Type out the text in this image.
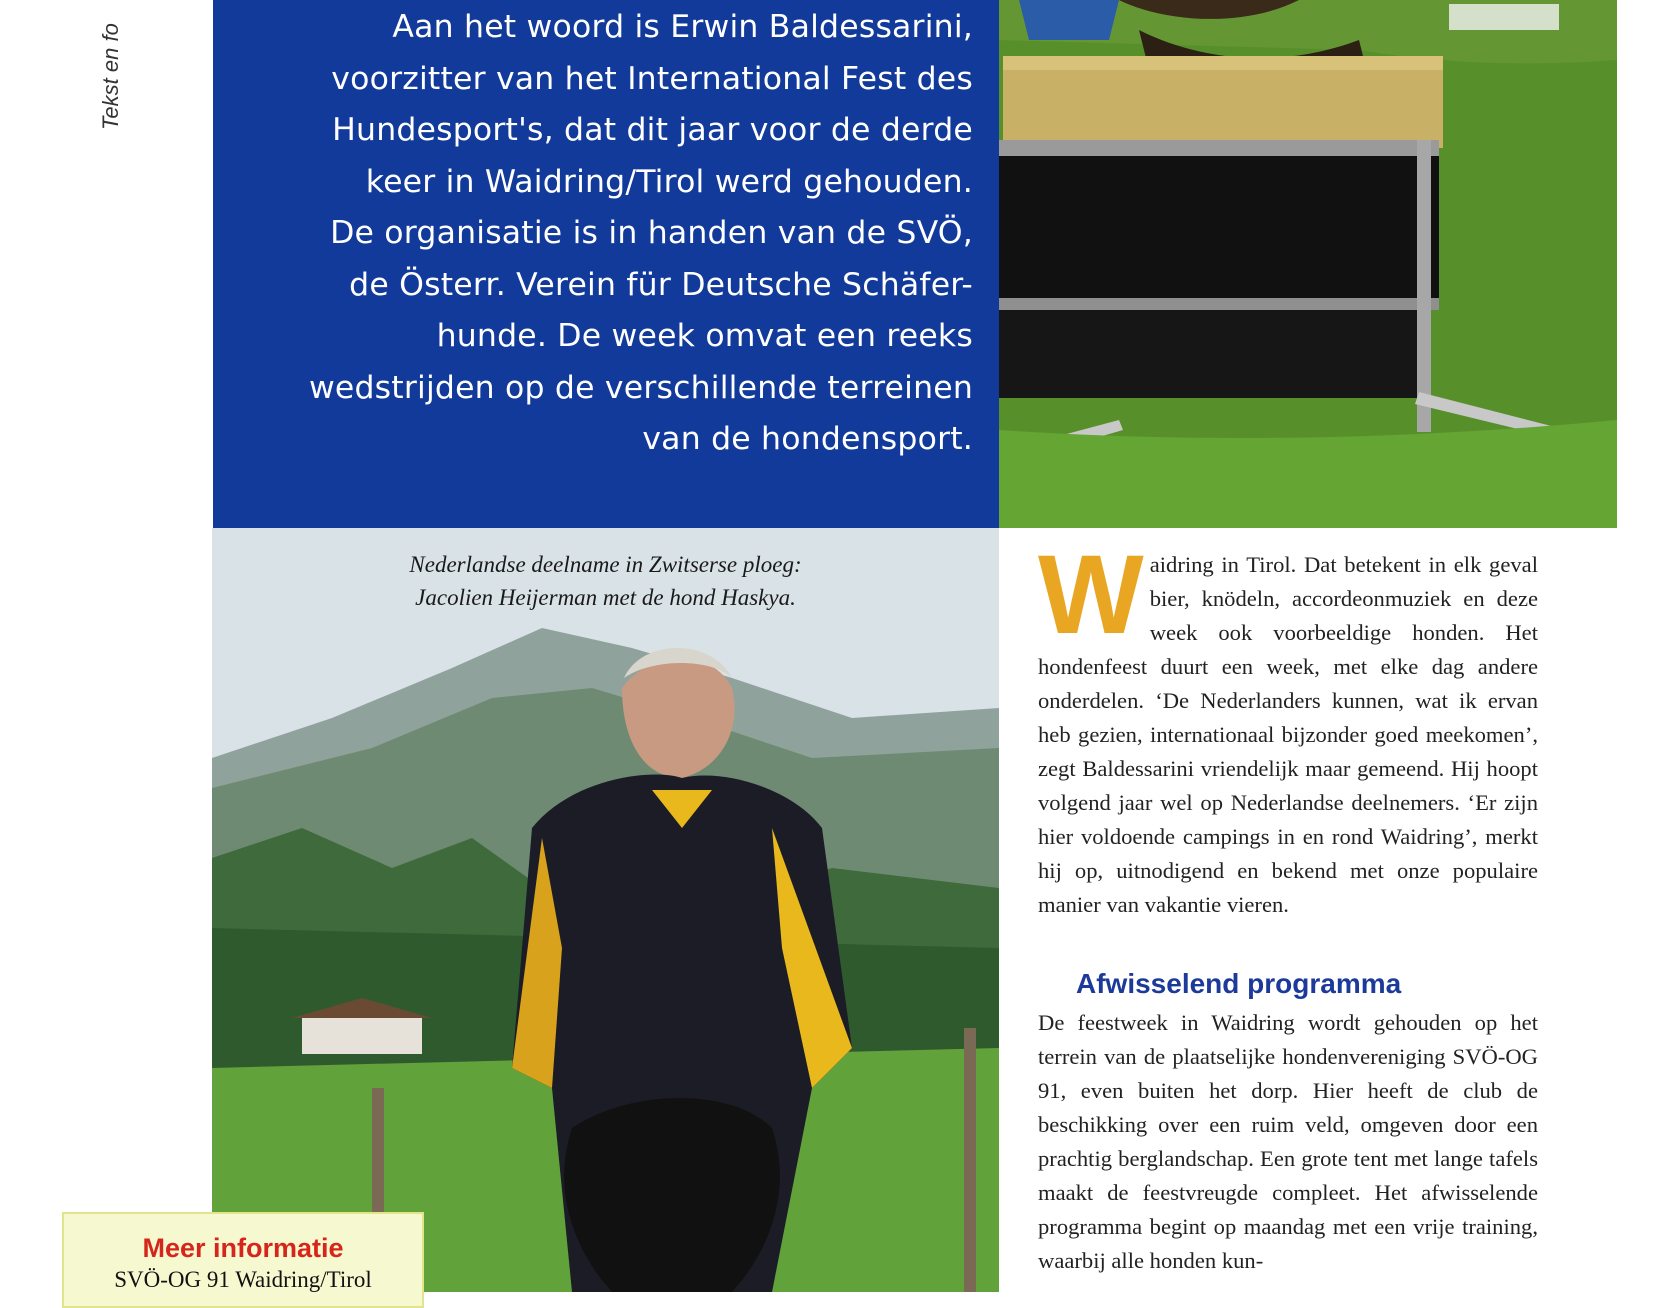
Tekst en fo	Aan het woord is Erwin Baldessarini,
voorzitter van het International Fest des
Hundesport's, dat dit jaar voor de derde
keer in Waidring/Tirol werd gehouden.
De organisatie is in handen van de SVÖ,
de Österr. Verein für Deutsche Schäfer-
hunde. De week omvat een reeks
wedstrijden op de verschillende terreinen
van de hondensport.
Nederlandse deelname in Zwitserse ploeg:
Jacolien Heijerman met de hond Haskya.	W aidring in Tirol. Dat betekent in elk geval bier, knödeln, accordeonmuziek en deze week ook voorbeeldige honden. Het hondenfeest duurt een week, met elke dag andere onderdelen. ‘De Nederlanders kunnen, wat ik ervan heb gezien, internationaal bijzonder goed meekomen’, zegt Baldessarini vriendelijk maar gemeend. Hij hoopt volgend jaar wel op Nederlandse deelnemers. ‘Er zijn hier voldoende campings in en rond Waidring’, merkt hij op, uitnodigend en bekend met onze populaire manier van vakantie vieren.

Afwisselend programma

De feestweek in Waidring wordt gehouden op het terrein van de plaatselijke hondenvereniging SVÖ-OG 91, even buiten het dorp. Hier heeft de club de beschikking over een ruim veld, omgeven door een prachtig berglandschap. Een grote tent met lange tafels maakt de feestvreugde compleet. Het afwisselende programma begint op maandag met een vrije training, waarbij alle honden kun-

Meer informatie
SVÖ-OG 91 Waidring/Tirol
